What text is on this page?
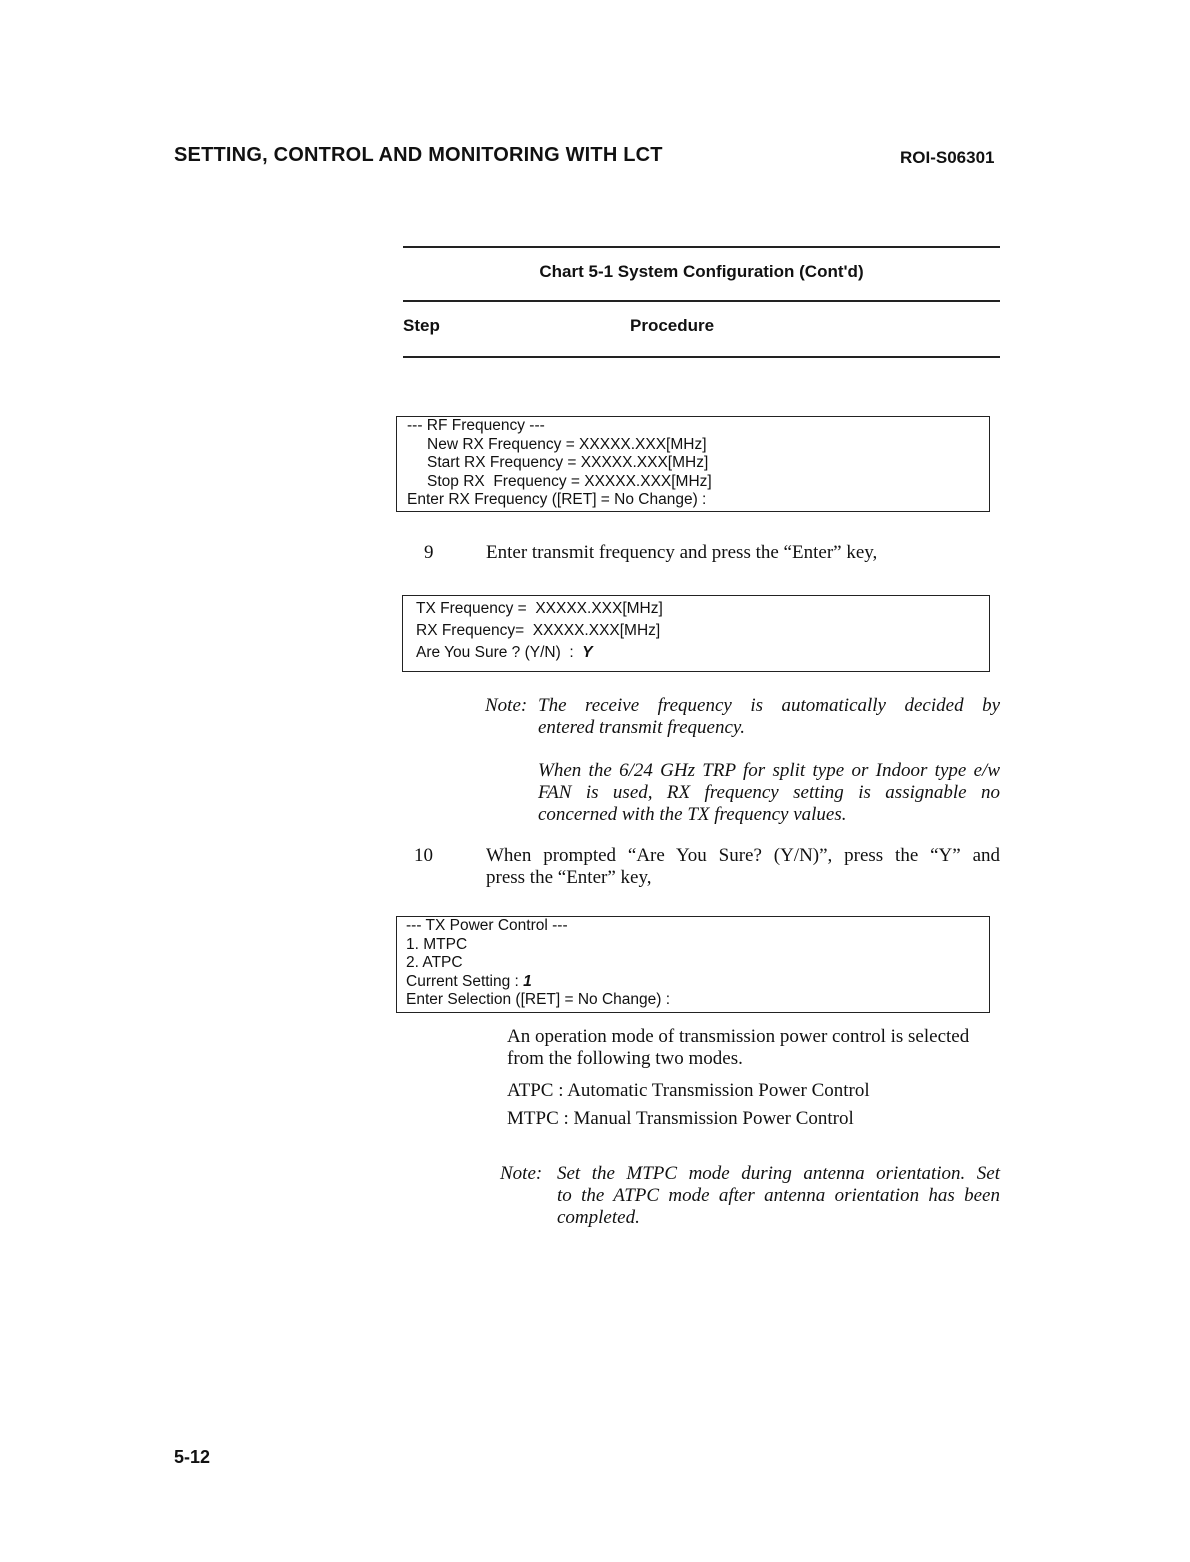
SETTING, CONTROL AND MONITORING WITH LCT	ROI-S06301
Chart 5-1 System Configuration (Cont'd)
Step	Procedure
--- RF Frequency ---
New RX Frequency = XXXXX.XXX[MHz]
Start RX Frequency = XXXXX.XXX[MHz]
Stop RX  Frequency = XXXXX.XXX[MHz]
Enter RX Frequency ([RET] = No Change) :
9	Enter transmit frequency and press the “Enter” key,
TX Frequency =  XXXXX.XXX[MHz]
RX Frequency=  XXXXX.XXX[MHz]
Are You Sure ? (Y/N)  :  Y
Note: The receive frequency is automatically decided by
entered transmit frequency.
When the 6/24 GHz TRP for split type or Indoor type e/w
FAN is used, RX frequency setting is assignable no
concerned with the TX frequency values.
10	When prompted “Are You Sure? (Y/N)”, press the “Y” and
press the “Enter” key,
--- TX Power Control ---
1. MTPC
2. ATPC
Current Setting : 1
Enter Selection ([RET] = No Change) :
An operation mode of transmission power control is selected
from the following two modes.
ATPC : Automatic Transmission Power Control
MTPC : Manual Transmission Power Control
Note: Set the MTPC mode during antenna orientation. Set
to the ATPC mode after antenna orientation has been
completed.
5-12
